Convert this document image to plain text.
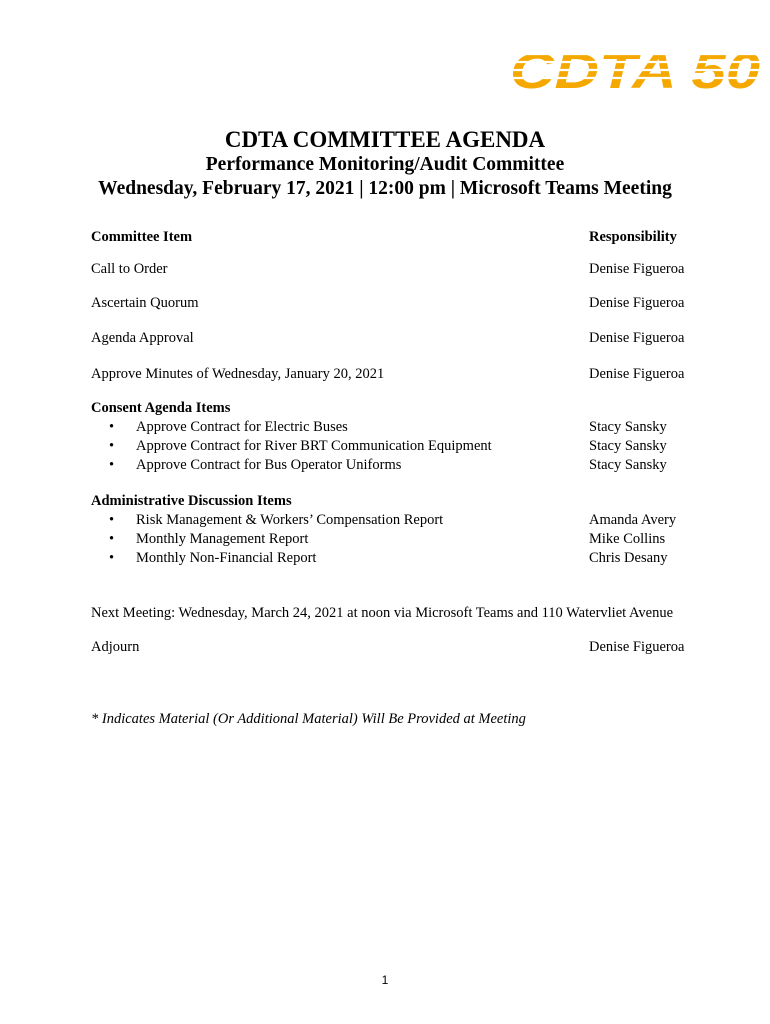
CDTA 50
CDTA COMMITTEE AGENDA
Performance Monitoring/Audit Committee
Wednesday, February 17, 2021 | 12:00 pm | Microsoft Teams Meeting
Committee Item	Responsibility
Call to Order	Denise Figueroa
Ascertain Quorum	Denise Figueroa
Agenda Approval	Denise Figueroa
Approve Minutes of Wednesday, January 20, 2021	Denise Figueroa
Consent Agenda Items
• Approve Contract for Electric Buses	Stacy Sansky
• Approve Contract for River BRT Communication Equipment	Stacy Sansky
• Approve Contract for Bus Operator Uniforms	Stacy Sansky
Administrative Discussion Items
• Risk Management & Workers’ Compensation Report	Amanda Avery
• Monthly Management Report	Mike Collins
• Monthly Non-Financial Report	Chris Desany
Next Meeting: Wednesday, March 24, 2021 at noon via Microsoft Teams and 110 Watervliet Avenue
Adjourn	Denise Figueroa
* Indicates Material (Or Additional Material) Will Be Provided at Meeting
1
